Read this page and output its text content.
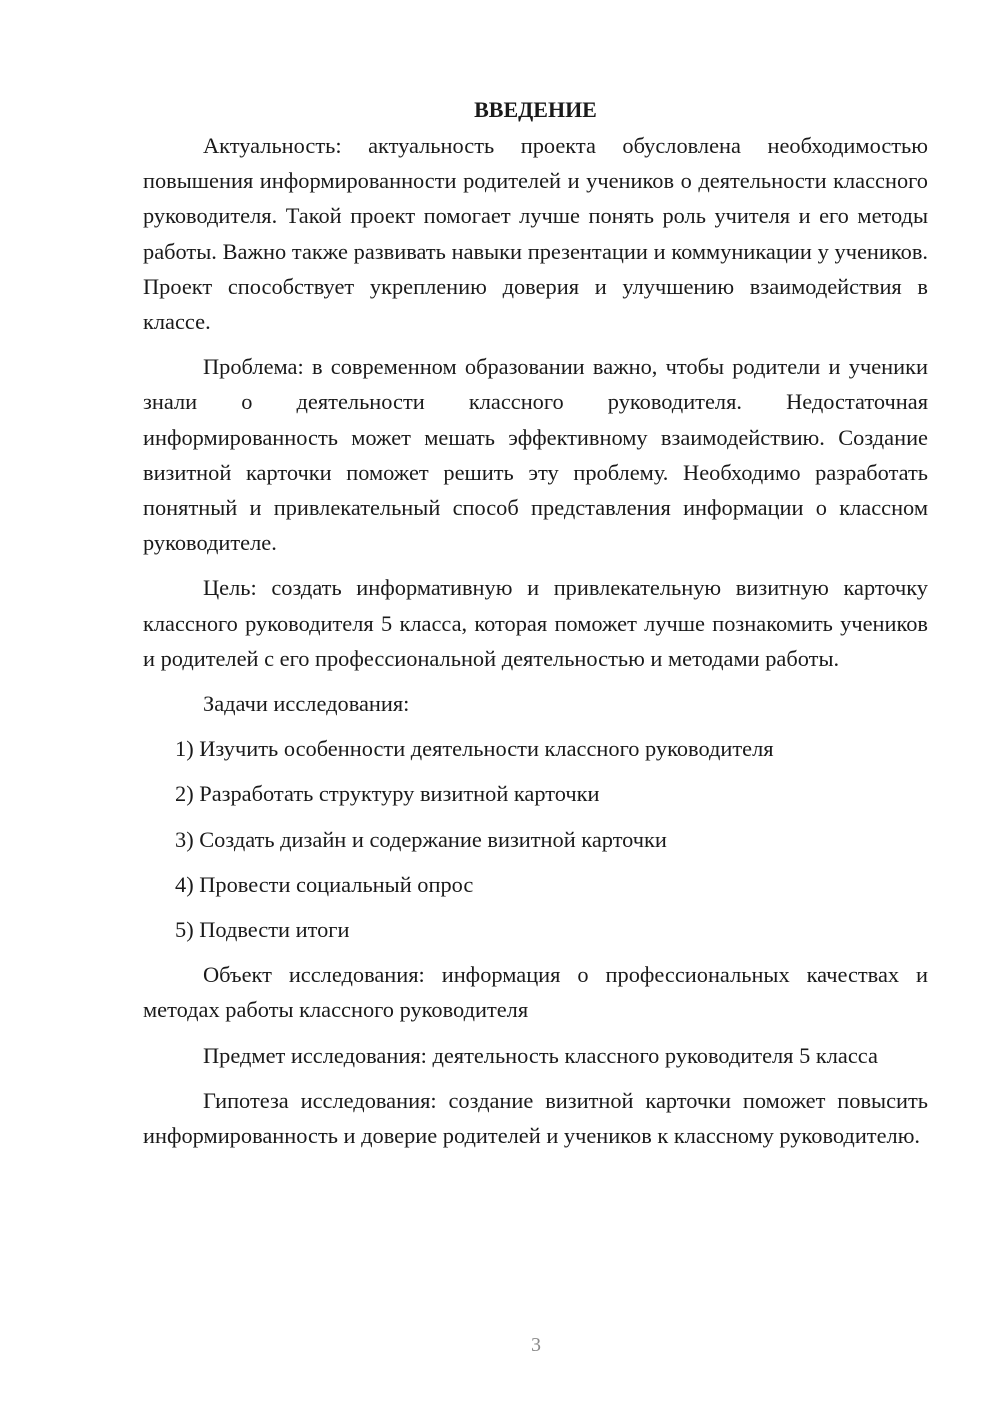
ВВЕДЕНИЕ

Актуальность: актуальность проекта обусловлена необходимостью повышения информированности родителей и учеников о деятельности классного руководителя. Такой проект помогает лучше понять роль учителя и его методы работы. Важно также развивать навыки презентации и коммуникации у учеников. Проект способствует укреплению доверия и улучшению взаимодействия в классе.

Проблема: в современном образовании важно, чтобы родители и ученики знали о деятельности классного руководителя. Недостаточная информированность может мешать эффективному взаимодействию. Создание визитной карточки поможет решить эту проблему. Необходимо разработать понятный и привлекательный способ представления информации о классном руководителе.

Цель: создать информативную и привлекательную визитную карточку классного руководителя 5 класса, которая поможет лучше познакомить учеников и родителей с его профессиональной деятельностью и методами работы.

Задачи исследования:

1) Изучить особенности деятельности классного руководителя
2) Разработать структуру визитной карточки
3) Создать дизайн и содержание визитной карточки
4) Провести социальный опрос
5) Подвести итоги

Объект исследования: информация о профессиональных качествах и методах работы классного руководителя

Предмет исследования: деятельность классного руководителя 5 класса

Гипотеза исследования: создание визитной карточки поможет повысить информированность и доверие родителей и учеников к классному руководителю.

3
